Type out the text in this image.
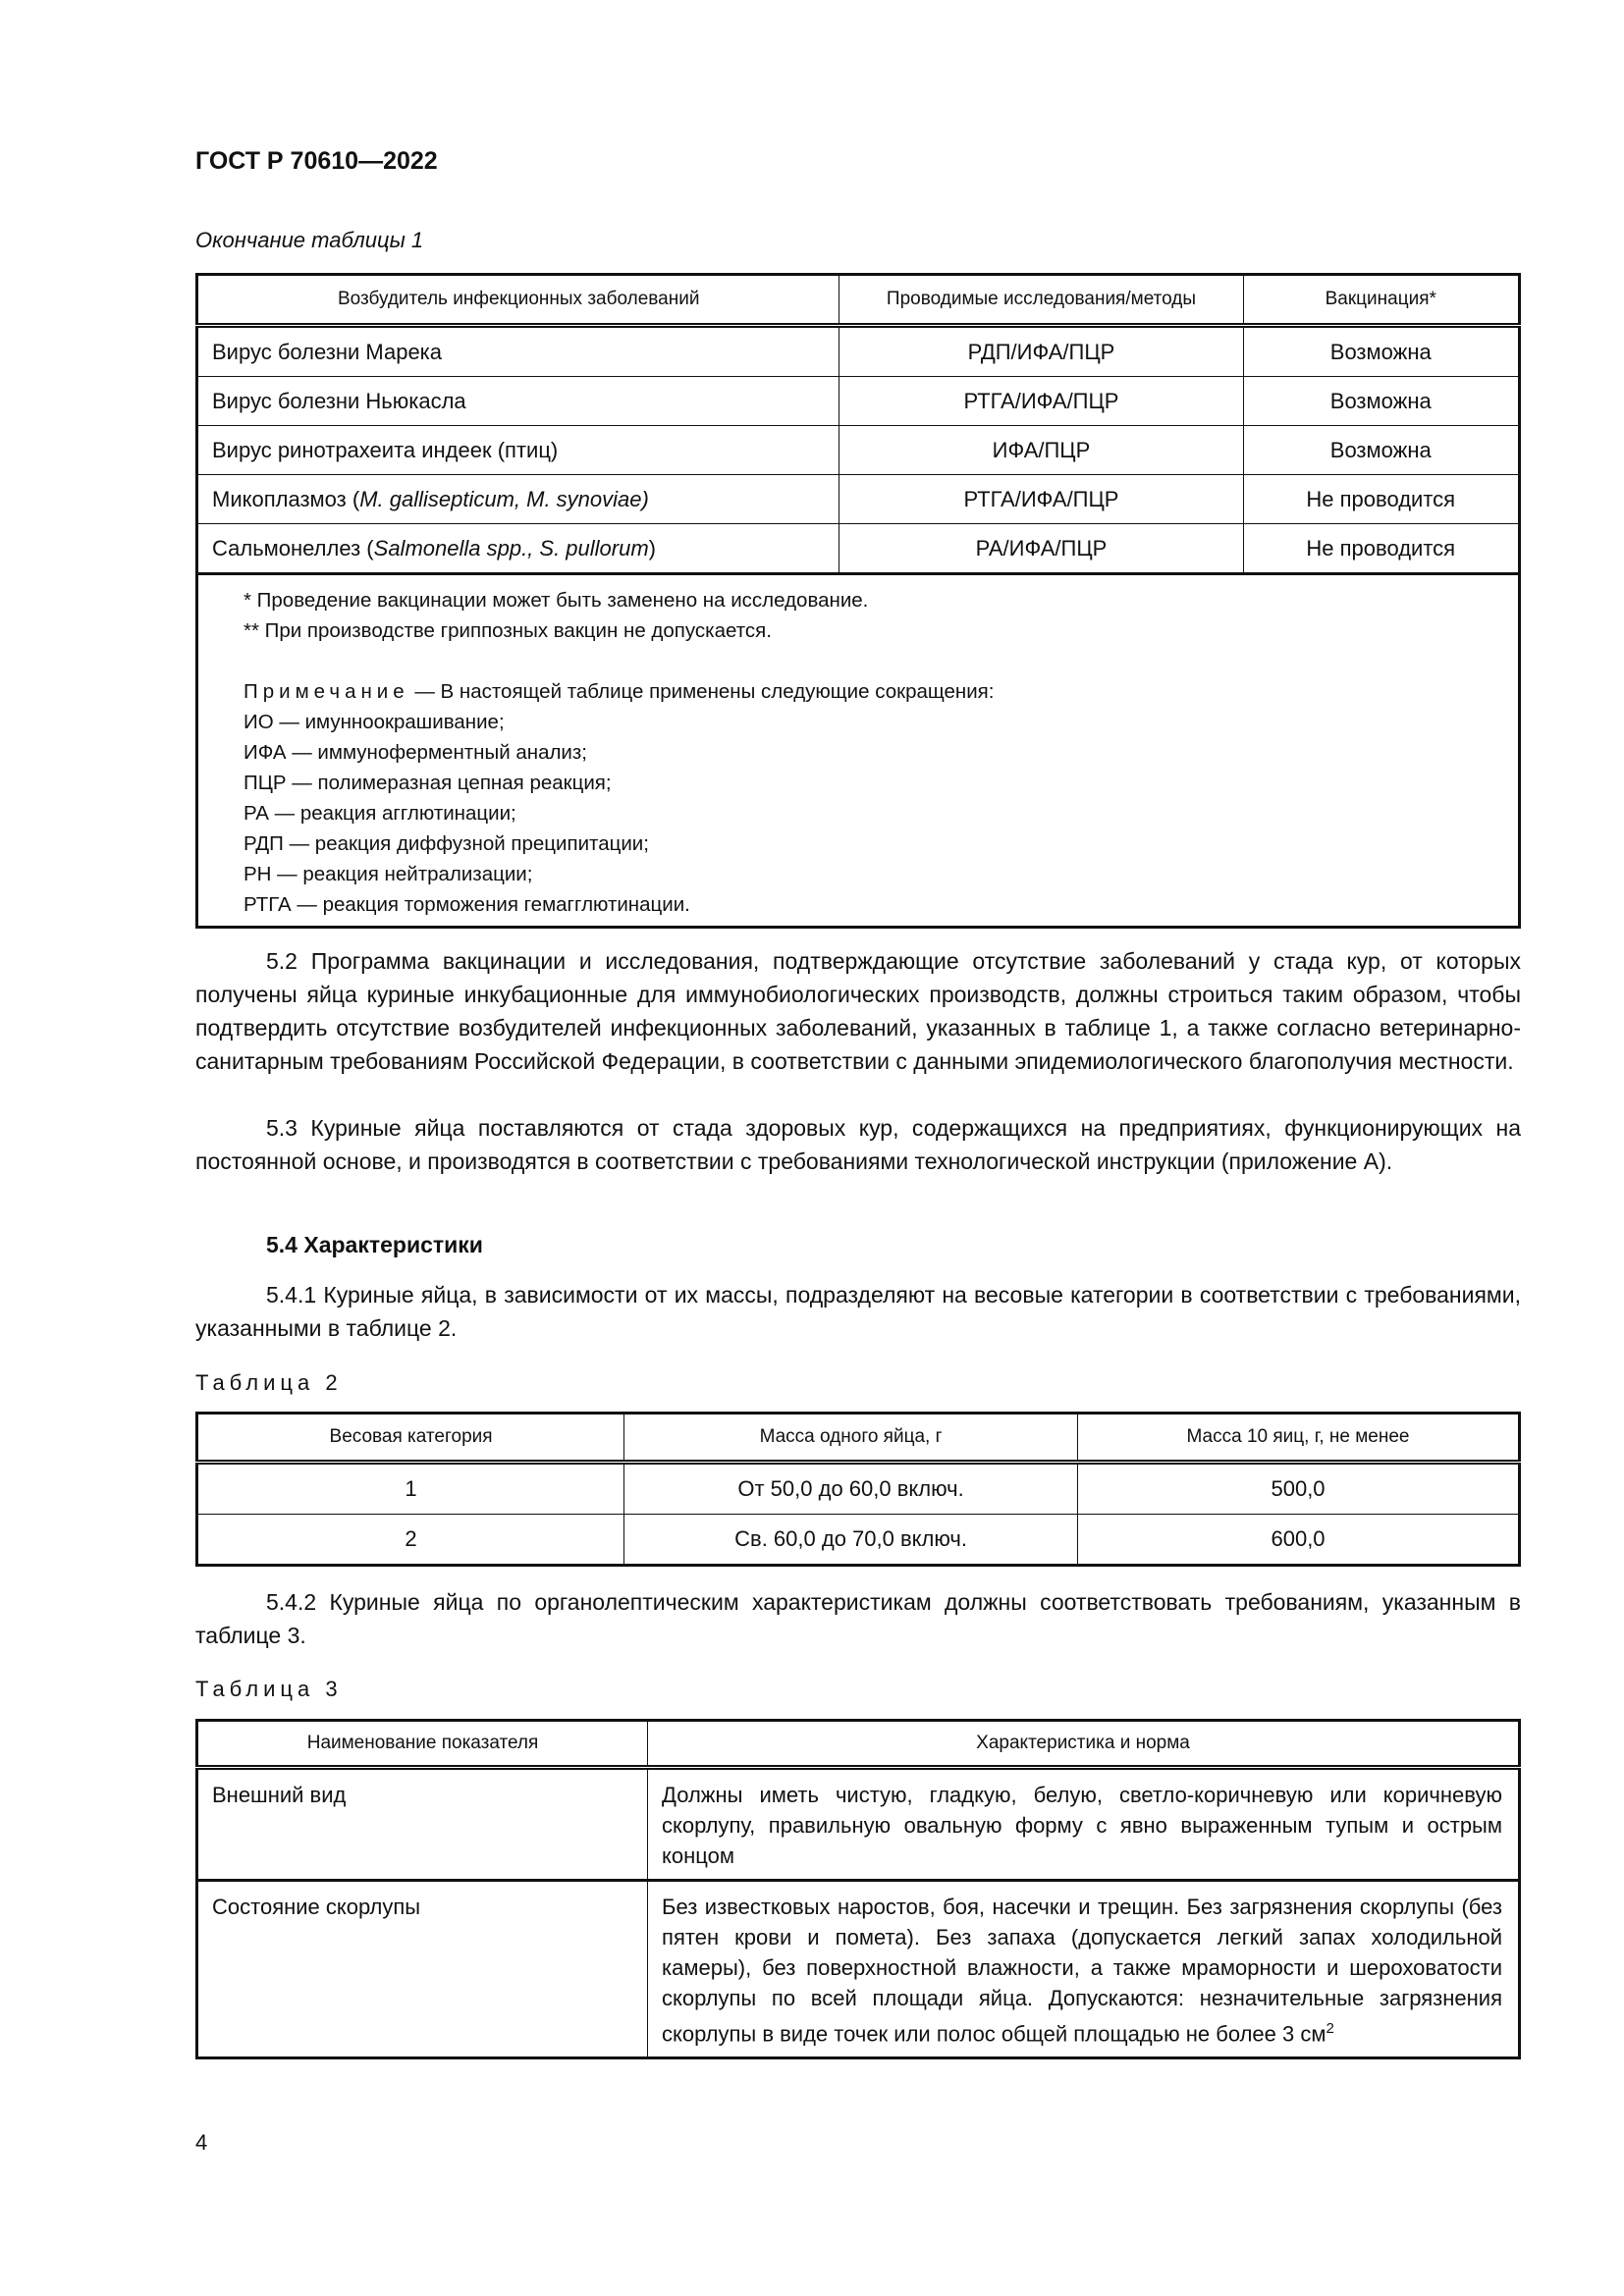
ГОСТ Р 70610—2022
Окончание таблицы 1
Возбудитель инфекционных заболеваний	Проводимые исследования/методы	Вакцинация*
Вирус болезни Марека	РДП/ИФА/ПЦР	Возможна
Вирус болезни Ньюкасла	РТГА/ИФА/ПЦР	Возможна
Вирус ринотрахеита индеек (птиц)	ИФА/ПЦР	Возможна
Микоплазмоз (M. gallisepticum, M. synoviae)	РТГА/ИФА/ПЦР	Не проводится
Сальмонеллез (Salmonella spp., S. pullorum)	РА/ИФА/ПЦР	Не проводится

* Проведение вакцинации может быть заменено на исследование.
** При производстве гриппозных вакцин не допускается.
Примечание — В настоящей таблице применены следующие сокращения:
ИО — имунноокрашивание;
ИФА — иммуноферментный анализ;
ПЦР — полимеразная цепная реакция;
РА — реакция агглютинации;
РДП — реакция диффузной преципитации;
РН — реакция нейтрализации;
РТГА — реакция торможения гемагглютинации.
5.2 Программа вакцинации и исследования, подтверждающие отсутствие заболеваний у стада кур, от которых получены яйца куриные инкубационные для иммунобиологических производств, должны строиться таким образом, чтобы подтвердить отсутствие возбудителей инфекционных заболеваний, указанных в таблице 1, а также согласно ветеринарно-санитарным требованиям Российской Федерации, в соответствии с данными эпидемиологического благополучия местности.
5.3 Куриные яйца поставляются от стада здоровых кур, содержащихся на предприятиях, функционирующих на постоянной основе, и производятся в соответствии с требованиями технологической инструкции (приложение А).
5.4 Характеристики
5.4.1 Куриные яйца, в зависимости от их массы, подразделяют на весовые категории в соответствии с требованиями, указанными в таблице 2.
Таблица 2
Весовая категория	Масса одного яйца, г	Масса 10 яиц, г, не менее
1	От 50,0 до 60,0 включ.	500,0
2	Св. 60,0 до 70,0 включ.	600,0
5.4.2 Куриные яйца по органолептическим характеристикам должны соответствовать требованиям, указанным в таблице 3.
Таблица 3
Наименование показателя	Характеристика и норма
Внешний вид	Должны иметь чистую, гладкую, белую, светло-коричневую или коричневую скорлупу, правильную овальную форму с явно выраженным тупым и острым концом
Состояние скорлупы	Без известковых наростов, боя, насечки и трещин. Без загрязнения скорлупы (без пятен крови и помета). Без запаха (допускается легкий запах холодильной камеры), без поверхностной влажности, а также мраморности и шероховатости скорлупы по всей площади яйца. Допускаются: незначительные загрязнения скорлупы в виде точек или полос общей площадью не более 3 $см^2$
4
